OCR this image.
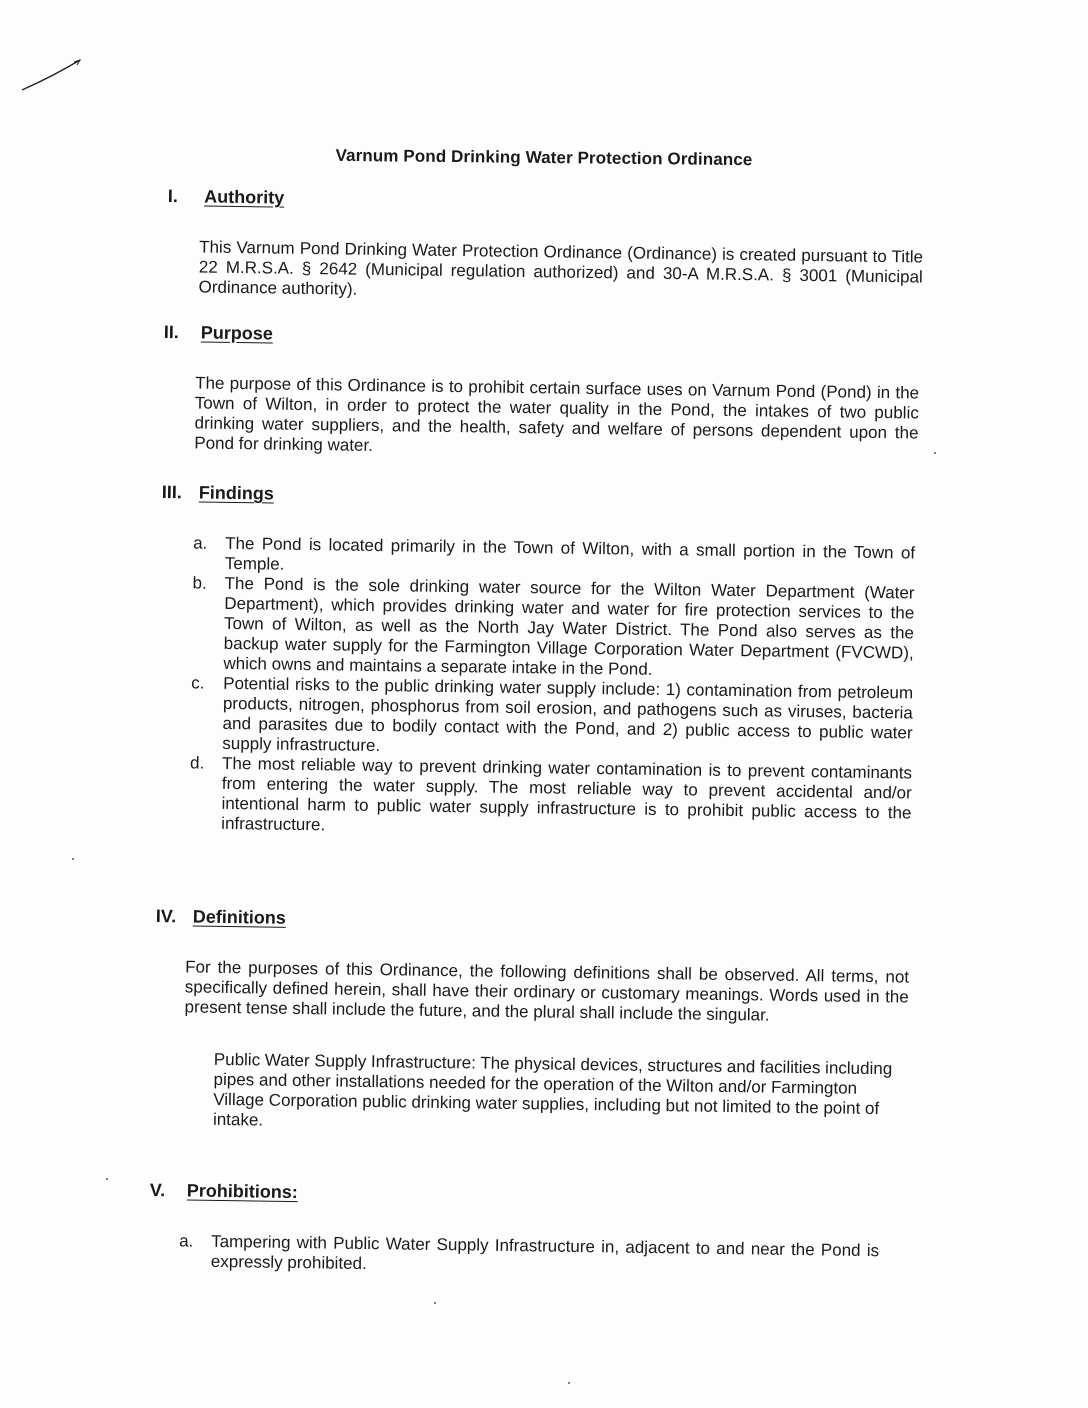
Varnum Pond Drinking Water Protection Ordinance
I. Authority

This Varnum Pond Drinking Water Protection Ordinance (Ordinance) is created pursuant to Title 22 M.R.S.A. § 2642 (Municipal regulation authorized) and 30-A M.R.S.A. § 3001 (Municipal Ordinance authority).

II. Purpose

The purpose of this Ordinance is to prohibit certain surface uses on Varnum Pond (Pond) in the Town of Wilton, in order to protect the water quality in the Pond, the intakes of two public drinking water suppliers, and the health, safety and welfare of persons dependent upon the Pond for drinking water.

III. Findings
a. The Pond is located primarily in the Town of Wilton, with a small portion in the Town of Temple.
b. The Pond is the sole drinking water source for the Wilton Water Department (Water Department), which provides drinking water and water for fire protection services to the Town of Wilton, as well as the North Jay Water District. The Pond also serves as the backup water supply for the Farmington Village Corporation Water Department (FVCWD), which owns and maintains a separate intake in the Pond.
c. Potential risks to the public drinking water supply include: 1) contamination from petroleum products, nitrogen, phosphorus from soil erosion, and pathogens such as viruses, bacteria and parasites due to bodily contact with the Pond, and 2) public access to public water supply infrastructure.
d. The most reliable way to prevent drinking water contamination is to prevent contaminants from entering the water supply. The most reliable way to prevent accidental and/or intentional harm to public water supply infrastructure is to prohibit public access to the infrastructure.
IV. Definitions

For the purposes of this Ordinance, the following definitions shall be observed. All terms, not specifically defined herein, shall have their ordinary or customary meanings. Words used in the present tense shall include the future, and the plural shall include the singular.

Public Water Supply Infrastructure: The physical devices, structures and facilities including pipes and other installations needed for the operation of the Wilton and/or Farmington Village Corporation public drinking water supplies, including but not limited to the point of intake.

V. Prohibitions:
a. Tampering with Public Water Supply Infrastructure in, adjacent to and near the Pond is expressly prohibited.
